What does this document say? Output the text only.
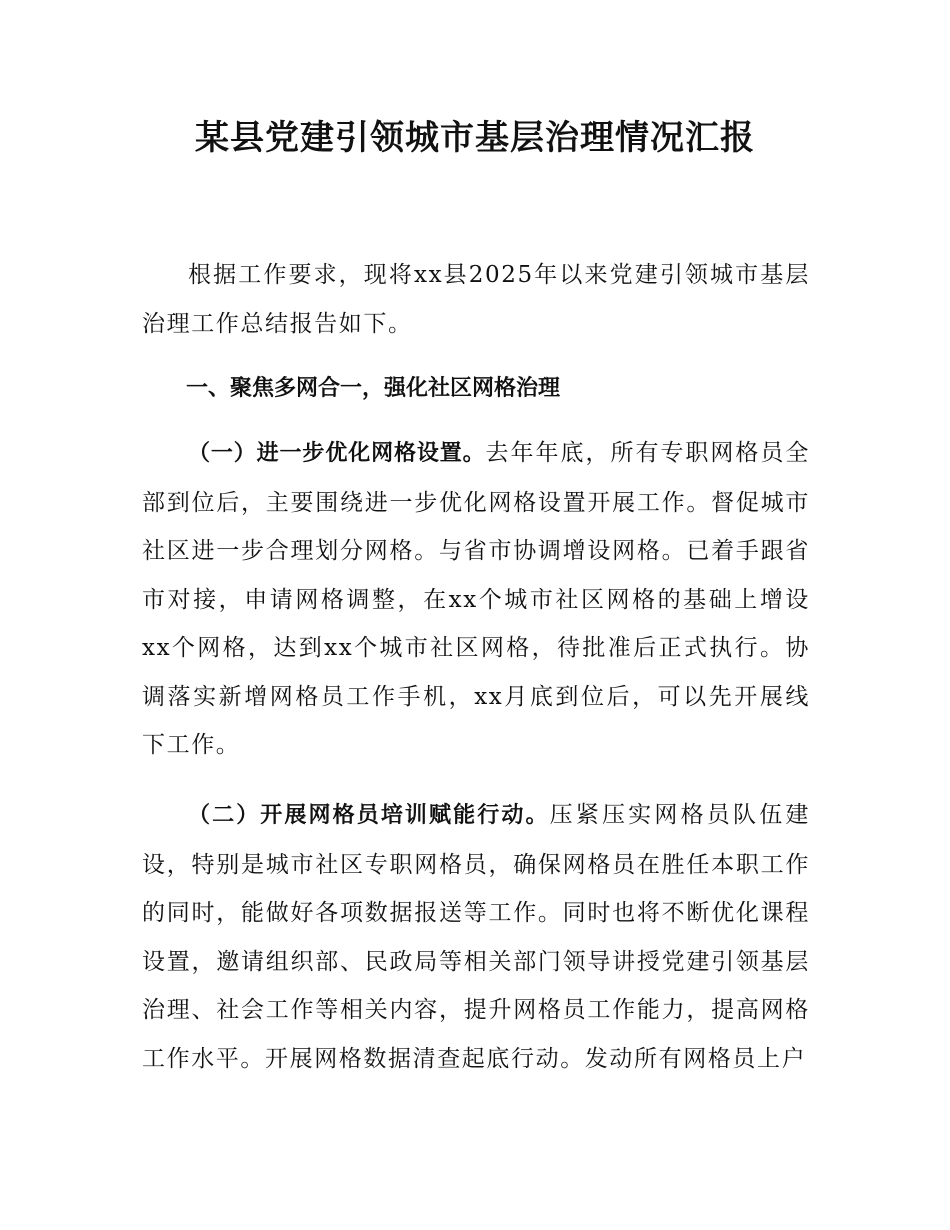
某县党建引领城市基层治理情况汇报

根据工作要求，现将xx县2025年以来党建引领城市基层治理工作总结报告如下。

一、聚焦多网合一，强化社区网格治理

（一）进一步优化网格设置。去年年底，所有专职网格员全部到位后，主要围绕进一步优化网格设置开展工作。督促城市社区进一步合理划分网格。与省市协调增设网格。已着手跟省市对接，申请网格调整，在xx个城市社区网格的基础上增设xx个网格，达到xx个城市社区网格，待批准后正式执行。协调落实新增网格员工作手机，xx月底到位后，可以先开展线下工作。

（二）开展网格员培训赋能行动。压紧压实网格员队伍建设，特别是城市社区专职网格员，确保网格员在胜任本职工作的同时，能做好各项数据报送等工作。同时也将不断优化课程设置，邀请组织部、民政局等相关部门领导讲授党建引领基层治理、社会工作等相关内容，提升网格员工作能力，提高网格工作水平。开展网格数据清查起底行动。发动所有网格员上户
